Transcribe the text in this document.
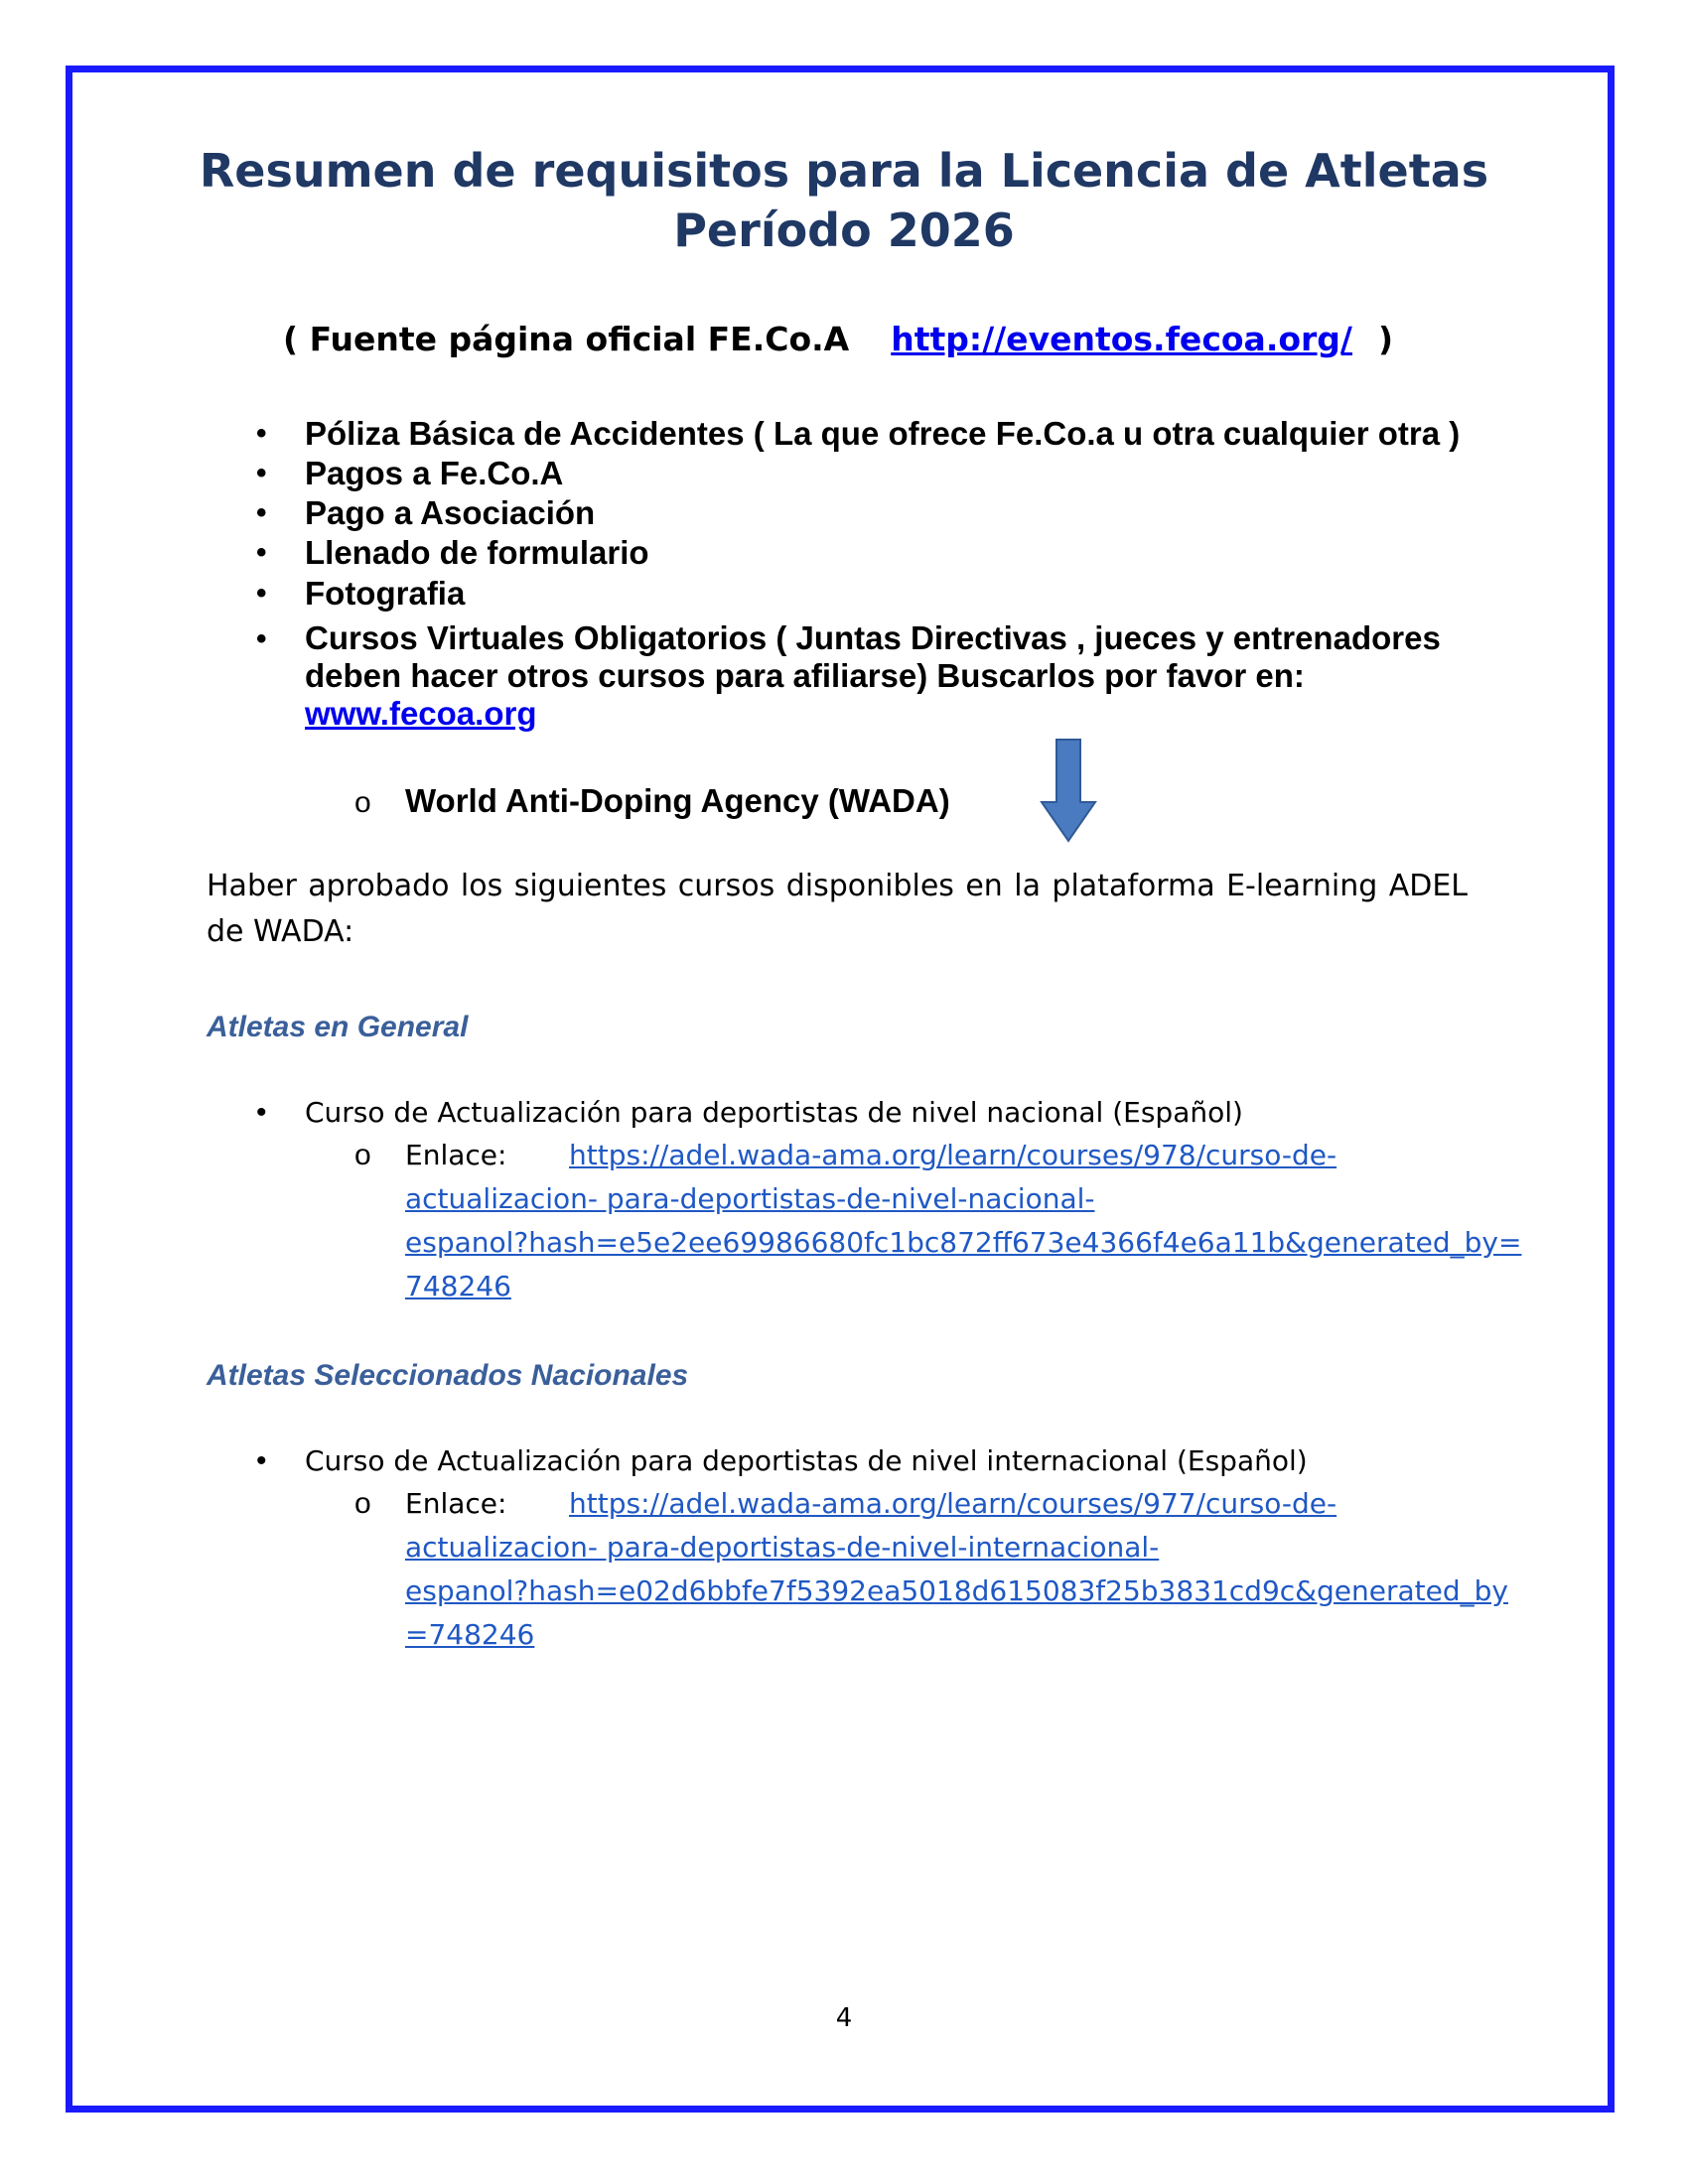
Resumen de requisitos para la Licencia de Atletas
Período 2026
( Fuente página oficial FE.Co.A http://eventos.fecoa.org/ )
• Póliza Básica de Accidentes ( La que ofrece Fe.Co.a u otra cualquier otra )
• Pagos a Fe.Co.A
• Pago a Asociación
• Llenado de formulario
• Fotografia
• Cursos Virtuales Obligatorios ( Juntas Directivas , jueces y entrenadores deben hacer otros cursos para afiliarse) Buscarlos por favor en:
www.fecoa.org
o World Anti-Doping Agency (WADA)

Haber aprobado los siguientes cursos disponibles en la plataforma E-learning ADEL de WADA:

Atletas en General
• Curso de Actualización para deportistas de nivel nacional (Español)
o Enlace: https://adel.wada-ama.org/learn/courses/978/curso-de-
actualizacion- para-deportistas-de-nivel-nacional-
espanol?hash=e5e2ee69986680fc1bc872ff673e4366f4e6a11b&generated_by=
748246
Atletas Seleccionados Nacionales
• Curso de Actualización para deportistas de nivel internacional (Español)
o Enlace: https://adel.wada-ama.org/learn/courses/977/curso-de-
actualizacion- para-deportistas-de-nivel-internacional-
espanol?hash=e02d6bbfe7f5392ea5018d615083f25b3831cd9c&generated_by
=748246
4
